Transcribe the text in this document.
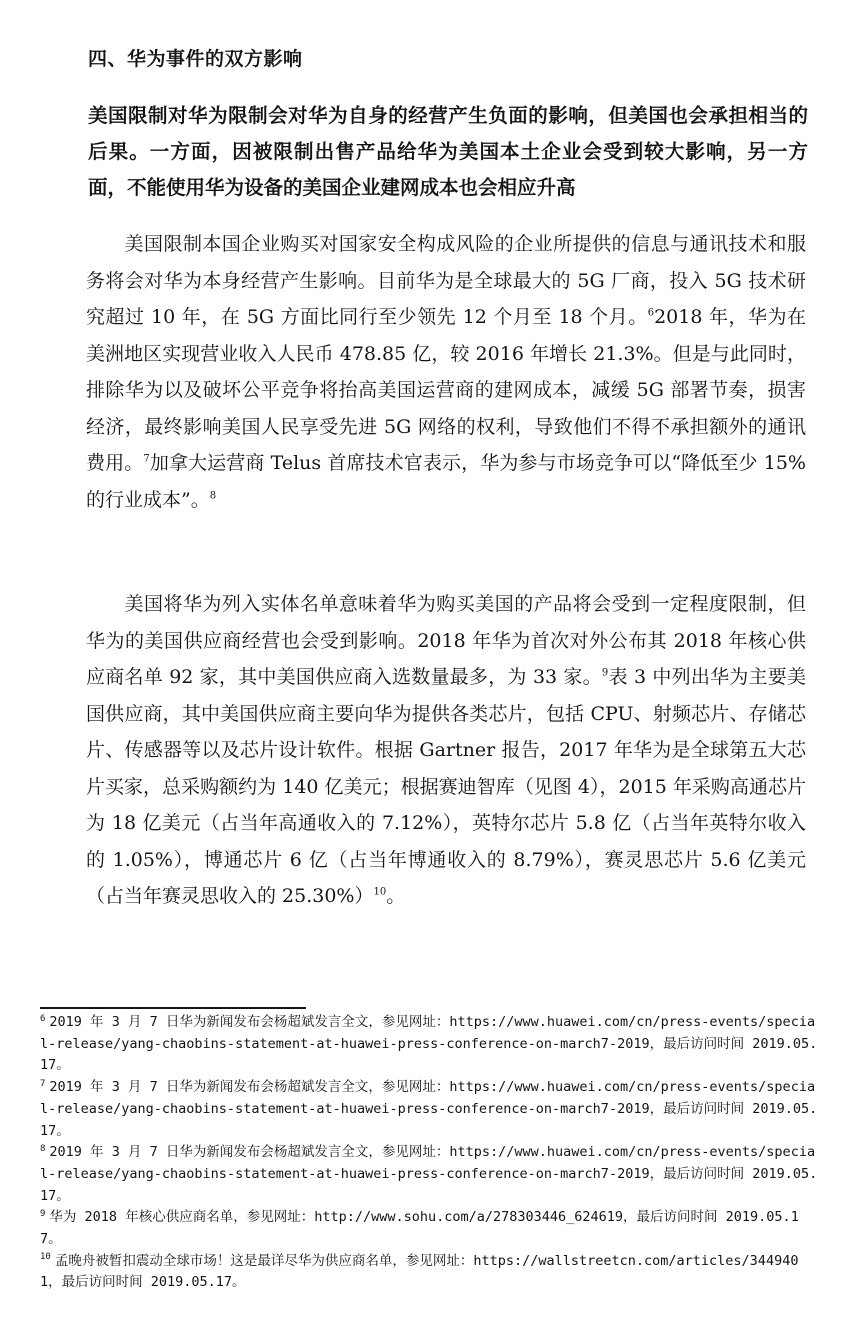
四、华为事件的双方影响
美国限制对华为限制会对华为自身的经营产生负面的影响，但美国也会承担相当的后果。一方面，因被限制出售产品给华为美国本土企业会受到较大影响，另一方面，不能使用华为设备的美国企业建网成本也会相应升高
美国限制本国企业购买对国家安全构成风险的企业所提供的信息与通讯技术和服务将会对华为本身经营产生影响。目前华为是全球最大的 5G 厂商，投入 5G 技术研究超过 10 年，在 5G 方面比同行至少领先 12 个月至 18 个月。$^6$2018 年，华为在美洲地区实现营业收入人民币 478.85 亿，较 2016 年增长 21.3%。但是与此同时，排除华为以及破坏公平竞争将抬高美国运营商的建网成本，减缓 5G 部署节奏，损害经济，最终影响美国人民享受先进 5G 网络的权利，导致他们不得不承担额外的通讯费用。$^7$加拿大运营商 Telus 首席技术官表示，华为参与市场竞争可以“降低至少 15%的行业成本”。$^8$
美国将华为列入实体名单意味着华为购买美国的产品将会受到一定程度限制，但华为的美国供应商经营也会受到影响。2018 年华为首次对外公布其 2018 年核心供应商名单 92 家，其中美国供应商入选数量最多，为 33 家。$^9$表 3 中列出华为主要美国供应商，其中美国供应商主要向华为提供各类芯片，包括 CPU、射频芯片、存储芯片、传感器等以及芯片设计软件。根据 Gartner 报告，2017 年华为是全球第五大芯片买家，总采购额约为 140 亿美元；根据赛迪智库（见图 4），2015 年采购高通芯片为 18 亿美元（占当年高通收入的 7.12%），英特尔芯片 5.8 亿（占当年英特尔收入的 1.05%），博通芯片 6 亿（占当年博通收入的 8.79%），赛灵思芯片 5.6 亿美元（占当年赛灵思收入的 25.30%）$^{10}$。

$^6$ 2019 年 3 月 7 日华为新闻发布会杨超斌发言全文，参见网址：https://www.huawei.com/cn/press-events/special-release/yang-chaobins-statement-at-huawei-press-conference-on-march7-2019，最后访问时间 2019.05.17。

$^7$ 2019 年 3 月 7 日华为新闻发布会杨超斌发言全文，参见网址：https://www.huawei.com/cn/press-events/special-release/yang-chaobins-statement-at-huawei-press-conference-on-march7-2019，最后访问时间 2019.05.17。

$^8$ 2019 年 3 月 7 日华为新闻发布会杨超斌发言全文，参见网址：https://www.huawei.com/cn/press-events/special-release/yang-chaobins-statement-at-huawei-press-conference-on-march7-2019，最后访问时间 2019.05.17。

$^9$ 华为 2018 年核心供应商名单，参见网址：http://www.sohu.com/a/278303446_624619，最后访问时间 2019.05.17。

$^{10}$ 孟晚舟被暂扣震动全球市场！这是最详尽华为供应商名单，参见网址：https://wallstreetcn.com/articles/3449401，最后访问时间 2019.05.17。
